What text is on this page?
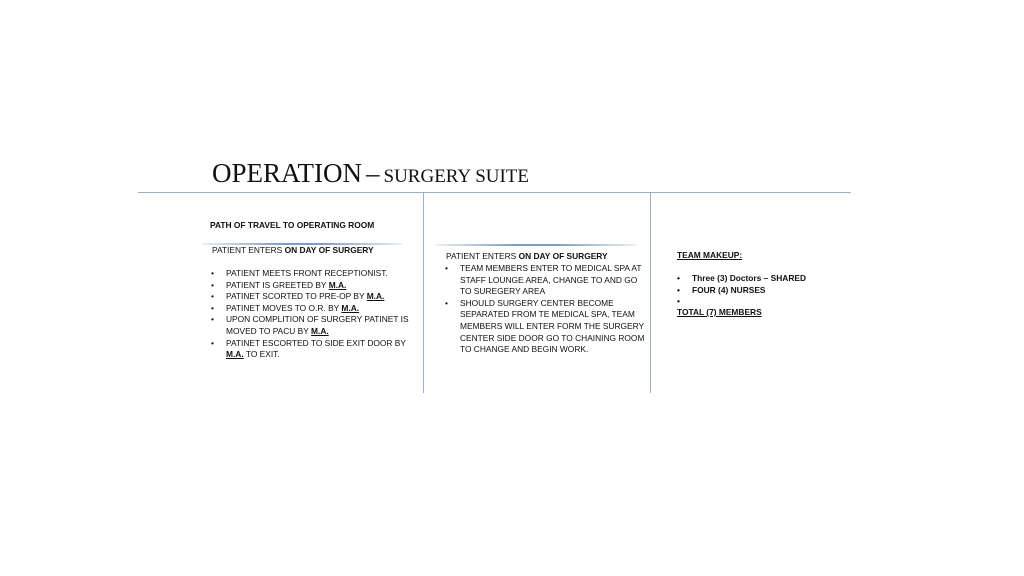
OPERATION – SURGERY SUITE
PATH OF TRAVEL TO OPERATING ROOM
PATIENT ENTERS ON DAY OF SURGERY
• PATIENT MEETS FRONT RECEPTIONIST.
• PATIENT IS GREETED BY M.A.
• PATINET SCORTED TO PRE-OP BY M.A.
• PATINET MOVES TO O.R. BY M.A.
• UPON COMPLITION OF SURGERY PATINET IS
MOVED TO PACU BY M.A.
• PATINET ESCORTED TO SIDE EXIT DOOR BY
M.A. TO EXIT.
PATIENT ENTERS ON DAY OF SURGERY
• TEAM MEMBERS ENTER TO MEDICAL SPA AT
STAFF LOUNGE AREA, CHANGE TO AND GO
TO SUREGERY AREA
• SHOULD SURGERY CENTER BECOME
SEPARATED FROM TE MEDICAL SPA, TEAM
MEMBERS WILL ENTER FORM THE SURGERY
CENTER SIDE DOOR GO TO CHAINING ROOM
TO CHANGE AND BEGIN WORK.
TEAM MAKEUP:
• Three (3) Doctors – SHARED
• FOUR (4) NURSES
•
TOTAL (7) MEMBERS
